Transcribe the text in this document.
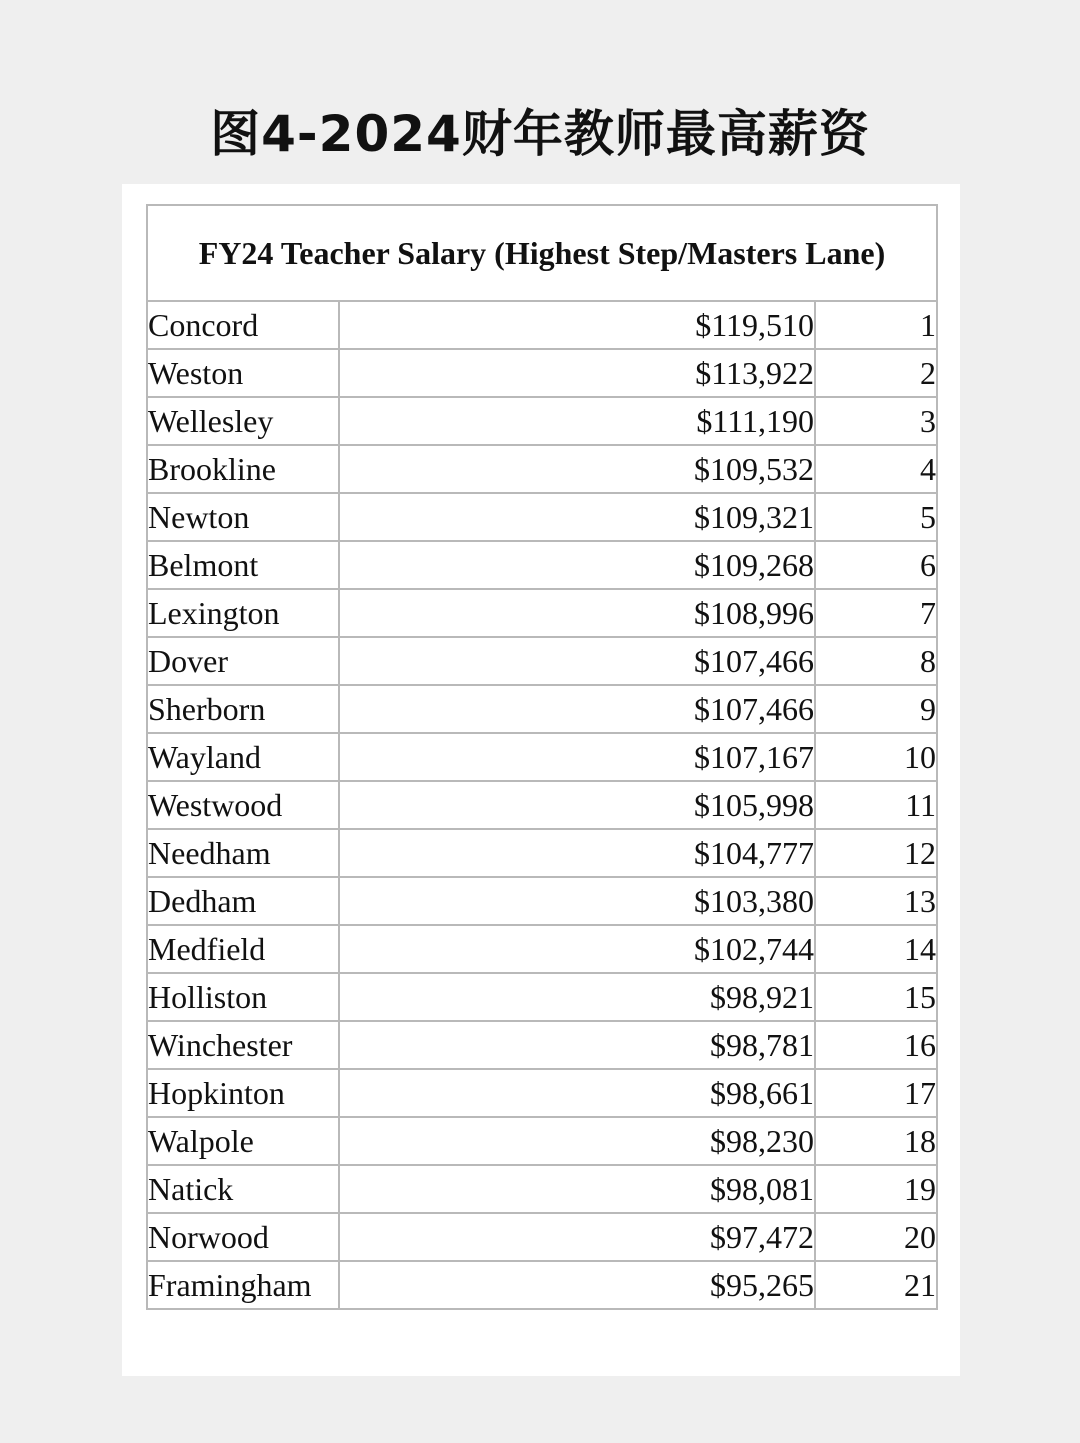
图4-2024财年教师最高薪资
FY24 Teacher Salary (Highest Step/Masters Lane)		
Concord	$119,510	1
Weston	$113,922	2
Wellesley	$111,190	3
Brookline	$109,532	4
Newton	$109,321	5
Belmont	$109,268	6
Lexington	$108,996	7
Dover	$107,466	8
Sherborn	$107,466	9
Wayland	$107,167	10
Westwood	$105,998	11
Needham	$104,777	12
Dedham	$103,380	13
Medfield	$102,744	14
Holliston	$98,921	15
Winchester	$98,781	16
Hopkinton	$98,661	17
Walpole	$98,230	18
Natick	$98,081	19
Norwood	$97,472	20
Framingham	$95,265	21
